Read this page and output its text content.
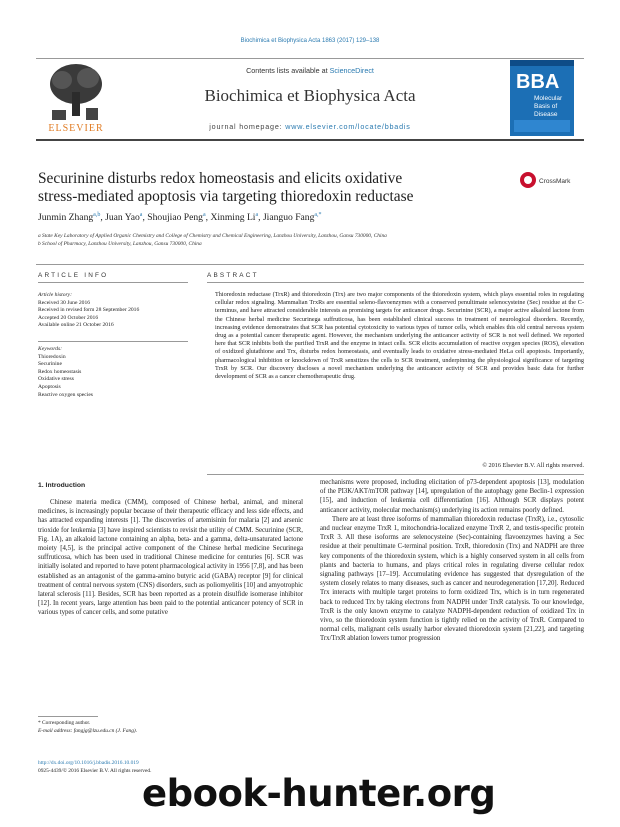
Biochimica et Biophysica Acta 1863 (2017) 129–138
ELSEVIER
Contents lists available at ScienceDirect
Biochimica et Biophysica Acta
journal homepage: www.elsevier.com/locate/bbadis
BBA
Molecular
Basis of
Disease
Securinine disturbs redox homeostasis and elicits oxidative
stress-mediated apoptosis via targeting thioredoxin reductase
CrossMark
Junmin Zhang$^{a,b}$, Juan Yao$^a$, Shoujiao Peng$^a$, Xinming Li$^a$, Jianguo Fang$^{a,*}$
a State Key Laboratory of Applied Organic Chemistry and College of Chemistry and Chemical Engineering, Lanzhou University, Lanzhou, Gansu 730000, China
b School of Pharmacy, Lanzhou University, Lanzhou, Gansu 730000, China
ARTICLE INFO
Article history:
Received 30 June 2016
Received in revised form 28 September 2016
Accepted 20 October 2016
Available online 21 October 2016
Keywords:
Thioredoxin
Securinine
Redox homeostasis
Oxidative stress
Apoptosis
Reactive oxygen species
ABSTRACT
Thioredoxin reductase (TrxR) and thioredoxin (Trx) are two major components of the thioredoxin system, which plays essential roles in regulating cellular redox signaling. Mammalian TrxRs are essential seleno-flavoenzymes with a conserved penultimate selenocysteine (Sec) residue at the C-terminus, and have attracted considerable interests as promising targets for anticancer drugs. Securinine (SCR), a major active alkaloid lactone from the Chinese herbal medicine Securinega suffruticosa, has been established clinical success in treatment of neurological disorders. Recently, increasing evidence demonstrates that SCR has potential cytotoxicity to various types of tumor cells, which enables this old central nervous system drug as a potential cancer therapeutic agent. However, the mechanism underlying the anticancer activity of SCR is not well defined. We reported here that SCR inhibits both the purified TrxR and the enzyme in intact cells. SCR elicits accumulation of reactive oxygen species (ROS), elevation of oxidized glutathione and Trx, disturbs redox homeostasis, and eventually leads to oxidative stress-mediated HeLa cell apoptosis. Importantly, pharmacological inhibition or knockdown of TrxR sensitizes the cells to SCR treatment, underpinning the physiological significance of targeting TrxR by SCR. Our discovery discloses a novel mechanism underlying the anticancer activity of SCR and provides basic data for further development of SCR as a cancer chemotherapeutic drug.
© 2016 Elsevier B.V. All rights reserved.
1. Introduction

Chinese materia medica (CMM), composed of Chinese herbal, animal, and mineral medicines, is increasingly popular because of their therapeutic efficacy and less side effects, and has attracted expanding interests [1]. The discoveries of artemisinin for malaria [2] and arsenic trioxide for leukemia [3] have inspired scientists to revisit the utility of CMM. Securinine (SCR, Fig. 1A), an alkaloid lactone containing an alpha, beta- and a gamma, delta-unsaturated lactone moiety [4,5], is the principal active component of the Chinese herbal medicine Securinega suffruticosa, which has been used in traditional Chinese medicine for centuries [6]. SCR was initially isolated and reported to have potent pharmacological activity in 1956 [7,8], and has been established as an antagonist of the gamma-amino butyric acid (GABA) receptor [9] for clinical treatment of central nervous system (CNS) disorders, such as poliomyelitis [10] and amyotrophic lateral sclerosis [11]. Besides, SCR has been reported as a protein disulfide isomerase inhibitor [12]. In recent years, large attention has been paid to the potential anticancer potency of SCR in various types of cancer cells, and some putative

mechanisms were proposed, including elicitation of p73-dependent apoptosis [13], modulation of the PI3K/AKT/mTOR pathway [14], upregulation of the autophagy gene Beclin-1 expression [15], and induction of leukemia cell differentiation [16]. Although SCR displays potent anticancer activity, molecular mechanism(s) underlying its action remains poorly defined.

There are at least three isoforms of mammalian thioredoxin reductase (TrxR), i.e., cytosolic and nuclear enzyme TrxR 1, mitochondria-localized enzyme TrxR 2, and testis-specific protein TrxR 3. All these isoforms are selenocysteine (Sec)-containing flavoenzymes having a Sec residue at their penultimate C-terminal position. TrxR, thioredoxin (Trx) and NADPH are three key components of the thioredoxin system, which is a highly conserved system in all cells from plants and bacteria to humans, and plays critical roles in regulating diverse cellular redox signaling pathways [17–19]. Accumulating evidence has suggested that dysregulation of the system closely relates to many diseases, such as cancer and neurodegeneration [17,20]. Reduced Trx interacts with multiple target proteins to form oxidized Trx, which is in turn regenerated back to reduced Trx by taking electrons from NADPH under TrxR catalysis. To our knowledge, TrxR is the only known enzyme to catalyze NADPH-dependent reduction of oxidized Trx in vivo, so the thioredoxin system function is tightly relied on the activity of TrxR. Compared to normal cells, malignant cells usually harbor elevated thioredoxin system [21,22], and targeting Trx/TrxR ablation lowers tumor progression

* Corresponding author.
E-mail address: fangjg@lzu.edu.cn (J. Fang).
http://dx.doi.org/10.1016/j.bbadis.2016.10.019
0925-4439/© 2016 Elsevier B.V. All rights reserved.
ebook-hunter.org
